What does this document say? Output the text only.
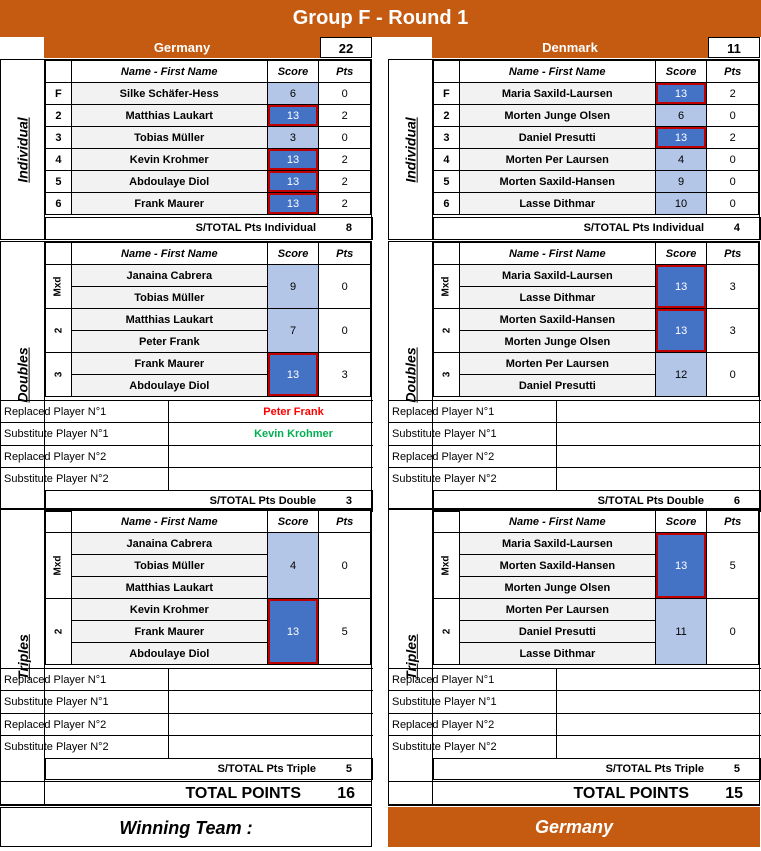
Group F - Round 1
Germany	22
Individual
	Name - First Name	Score	Pts
F	Silke Schäfer-Hess	6	0
2	Matthias Laukart	13	2
3	Tobias Müller	3	0
4	Kevin Krohmer	13	2
5	Abdoulaye Diol	13	2
6	Frank Maurer	13	2
S/TOTAL Pts Individual	8
Doubles
	Name - First Name	Score	Pts
Mxd	Janaina Cabrera	9	0
	Tobias Müller		
2	Matthias Laukart	7	0
	Peter Frank		
3	Frank Maurer	13	3
	Abdoulaye Diol		
Replaced Player N°1	Peter Frank
Substitute Player N°1	Kevin Krohmer
Replaced Player N°2
Substitute Player N°2
S/TOTAL Pts Double	3
Triples
	Name - First Name	Score	Pts
Mxd	Janaina Cabrera	4	0
	Tobias Müller		
	Matthias Laukart		
2	Kevin Krohmer	13	5
	Frank Maurer		
	Abdoulaye Diol		
Replaced Player N°1
Substitute Player N°1
Replaced Player N°2
Substitute Player N°2
S/TOTAL Pts Triple	5
TOTAL POINTS 16
Denmark	11
Individual
	Name - First Name	Score	Pts
F	Maria Saxild-Laursen	13	2
2	Morten Junge Olsen	6	0
3	Daniel Presutti	13	2
4	Morten Per Laursen	4	0
5	Morten Saxild-Hansen	9	0
6	Lasse Dithmar	10	0
S/TOTAL Pts Individual	4
Doubles
	Name - First Name	Score	Pts
Mxd	Maria Saxild-Laursen	13	3
	Lasse Dithmar		
2	Morten Saxild-Hansen	13	3
	Morten Junge Olsen		
3	Morten Per Laursen	12	0
	Daniel Presutti		
Replaced Player N°1
Substitute Player N°1
Replaced Player N°2
Substitute Player N°2
S/TOTAL Pts Double	6
Triples
	Name - First Name	Score	Pts
Mxd	Maria Saxild-Laursen	13	5
	Morten Saxild-Hansen		
	Morten Junge Olsen		
2	Morten Per Laursen	11	0
	Daniel Presutti		
	Lasse Dithmar		
Replaced Player N°1
Substitute Player N°1
Replaced Player N°2
Substitute Player N°2
S/TOTAL Pts Triple	5
TOTAL POINTS 15
Winning Team :	Germany
